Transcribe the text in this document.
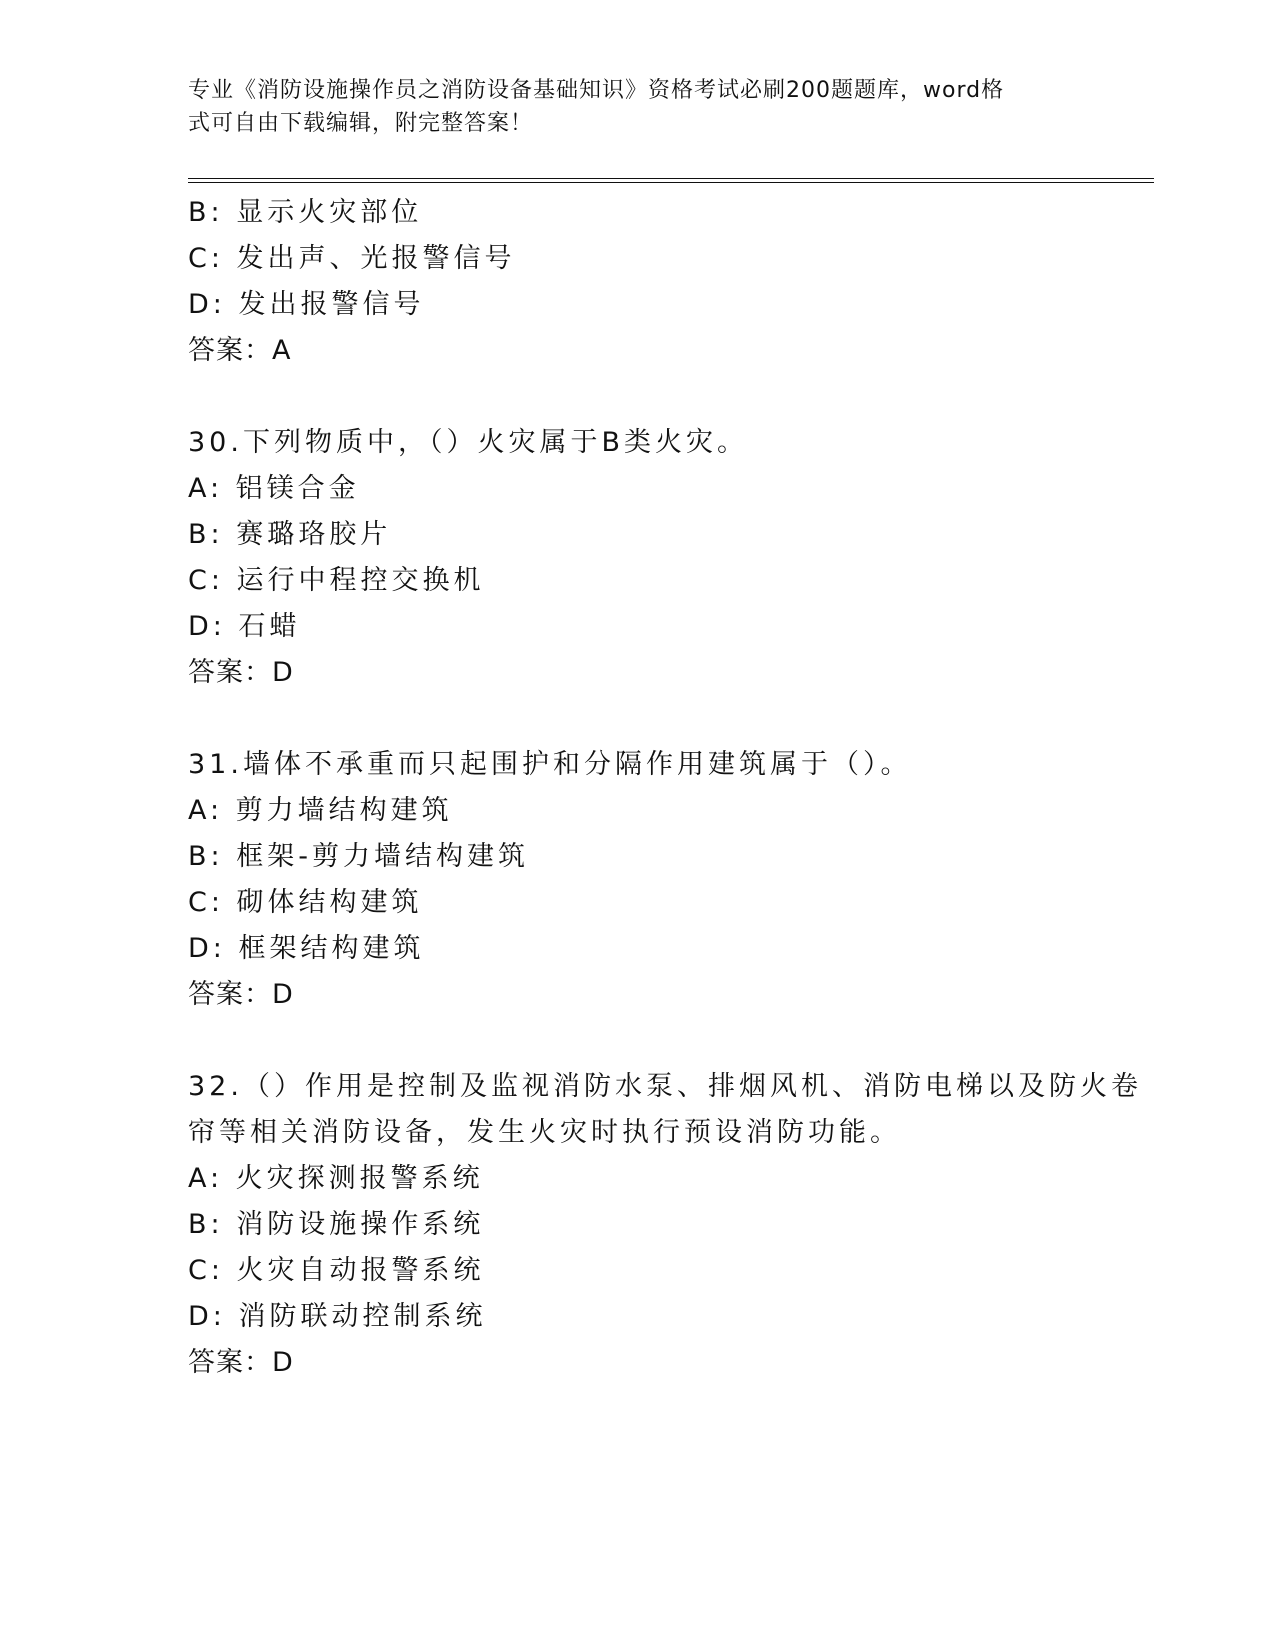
专业《消防设施操作员之消防设备基础知识》资格考试必刷200题题库，word格
式可自由下载编辑，附完整答案！
B: 显示火灾部位
C: 发出声、光报警信号
D: 发出报警信号
答案：A
30.下列物质中，（）火灾属于B类火灾。
A: 铝镁合金
B: 赛璐珞胶片
C: 运行中程控交换机
D: 石蜡
答案：D
31.墙体不承重而只起围护和分隔作用建筑属于（）。
A: 剪力墙结构建筑
B: 框架-剪力墙结构建筑
C: 砌体结构建筑
D: 框架结构建筑
答案：D
32.（）作用是控制及监视消防水泵、排烟风机、消防电梯以及防火卷
帘等相关消防设备，发生火灾时执行预设消防功能。
A: 火灾探测报警系统
B: 消防设施操作系统
C: 火灾自动报警系统
D: 消防联动控制系统
答案：D
